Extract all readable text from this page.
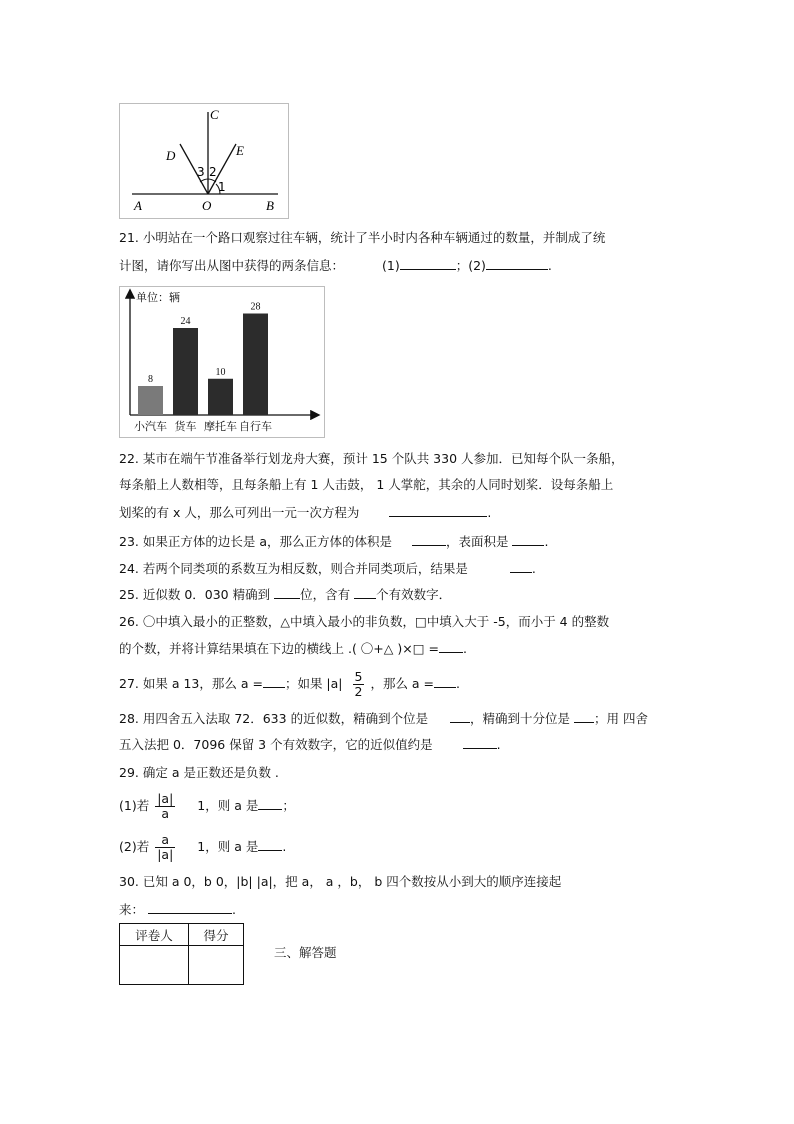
C
D	E
A	O	B
3 2
1
21. 小明站在一个路口观察过往车辆，统计了半小时内各种车辆通过的数量，并制成了统
计图，请你写出从图中获得的两条信息：	(1)	；(2)	.
单位：辆
8
小汽车
24
货车
10
摩托车
28
自行车
22. 某市在端午节准备举行划龙舟大赛，预计 15 个队共 330 人参加．已知每个队一条船，
每条船上人数相等，且每条船上有 1 人击鼓， 1 人掌舵，其余的人同时划桨．设每条船上
划桨的有 x 人，那么可列出一元一次方程为	.
23. 如果正方体的边长是 a，那么正方体的体积是	，表面积是	.
24. 若两个同类项的系数互为相反数，则合并同类项后，结果是	.
25. 近似数 0．030 精确到 位，含有 个有效数字．
26. 〇中填入最小的正整数，△中填入最小的非负数，□中填入大于 -5，而小于 4 的整数
的个数，并将计算结果填在下边的横线上 .( 〇+△ )×□ = .
27. 如果 a 13，那么 a = ；如果 $|a| \frac{5}{2}$ ，那么 a = .
28. 用四舍五入法取 72．633 的近似数，精确到个位是	，精确到十分位是 ；用 四舍
五入法把 0．7096 保留 3 个有效数字，它的近似值约是	.
29. 确定 a 是正数还是负数 .
(1)若 $\frac{|a|}{a} 1$，则 a 是 ；
(2)若 $\frac{a}{|a|} 1$，则 a 是 .
30. 已知 a 0，b 0，|b| |a|，把 a， a ，b， b 四个数按从小到大的顺序连接起
来：	.
评卷人	得分

三、解答题
